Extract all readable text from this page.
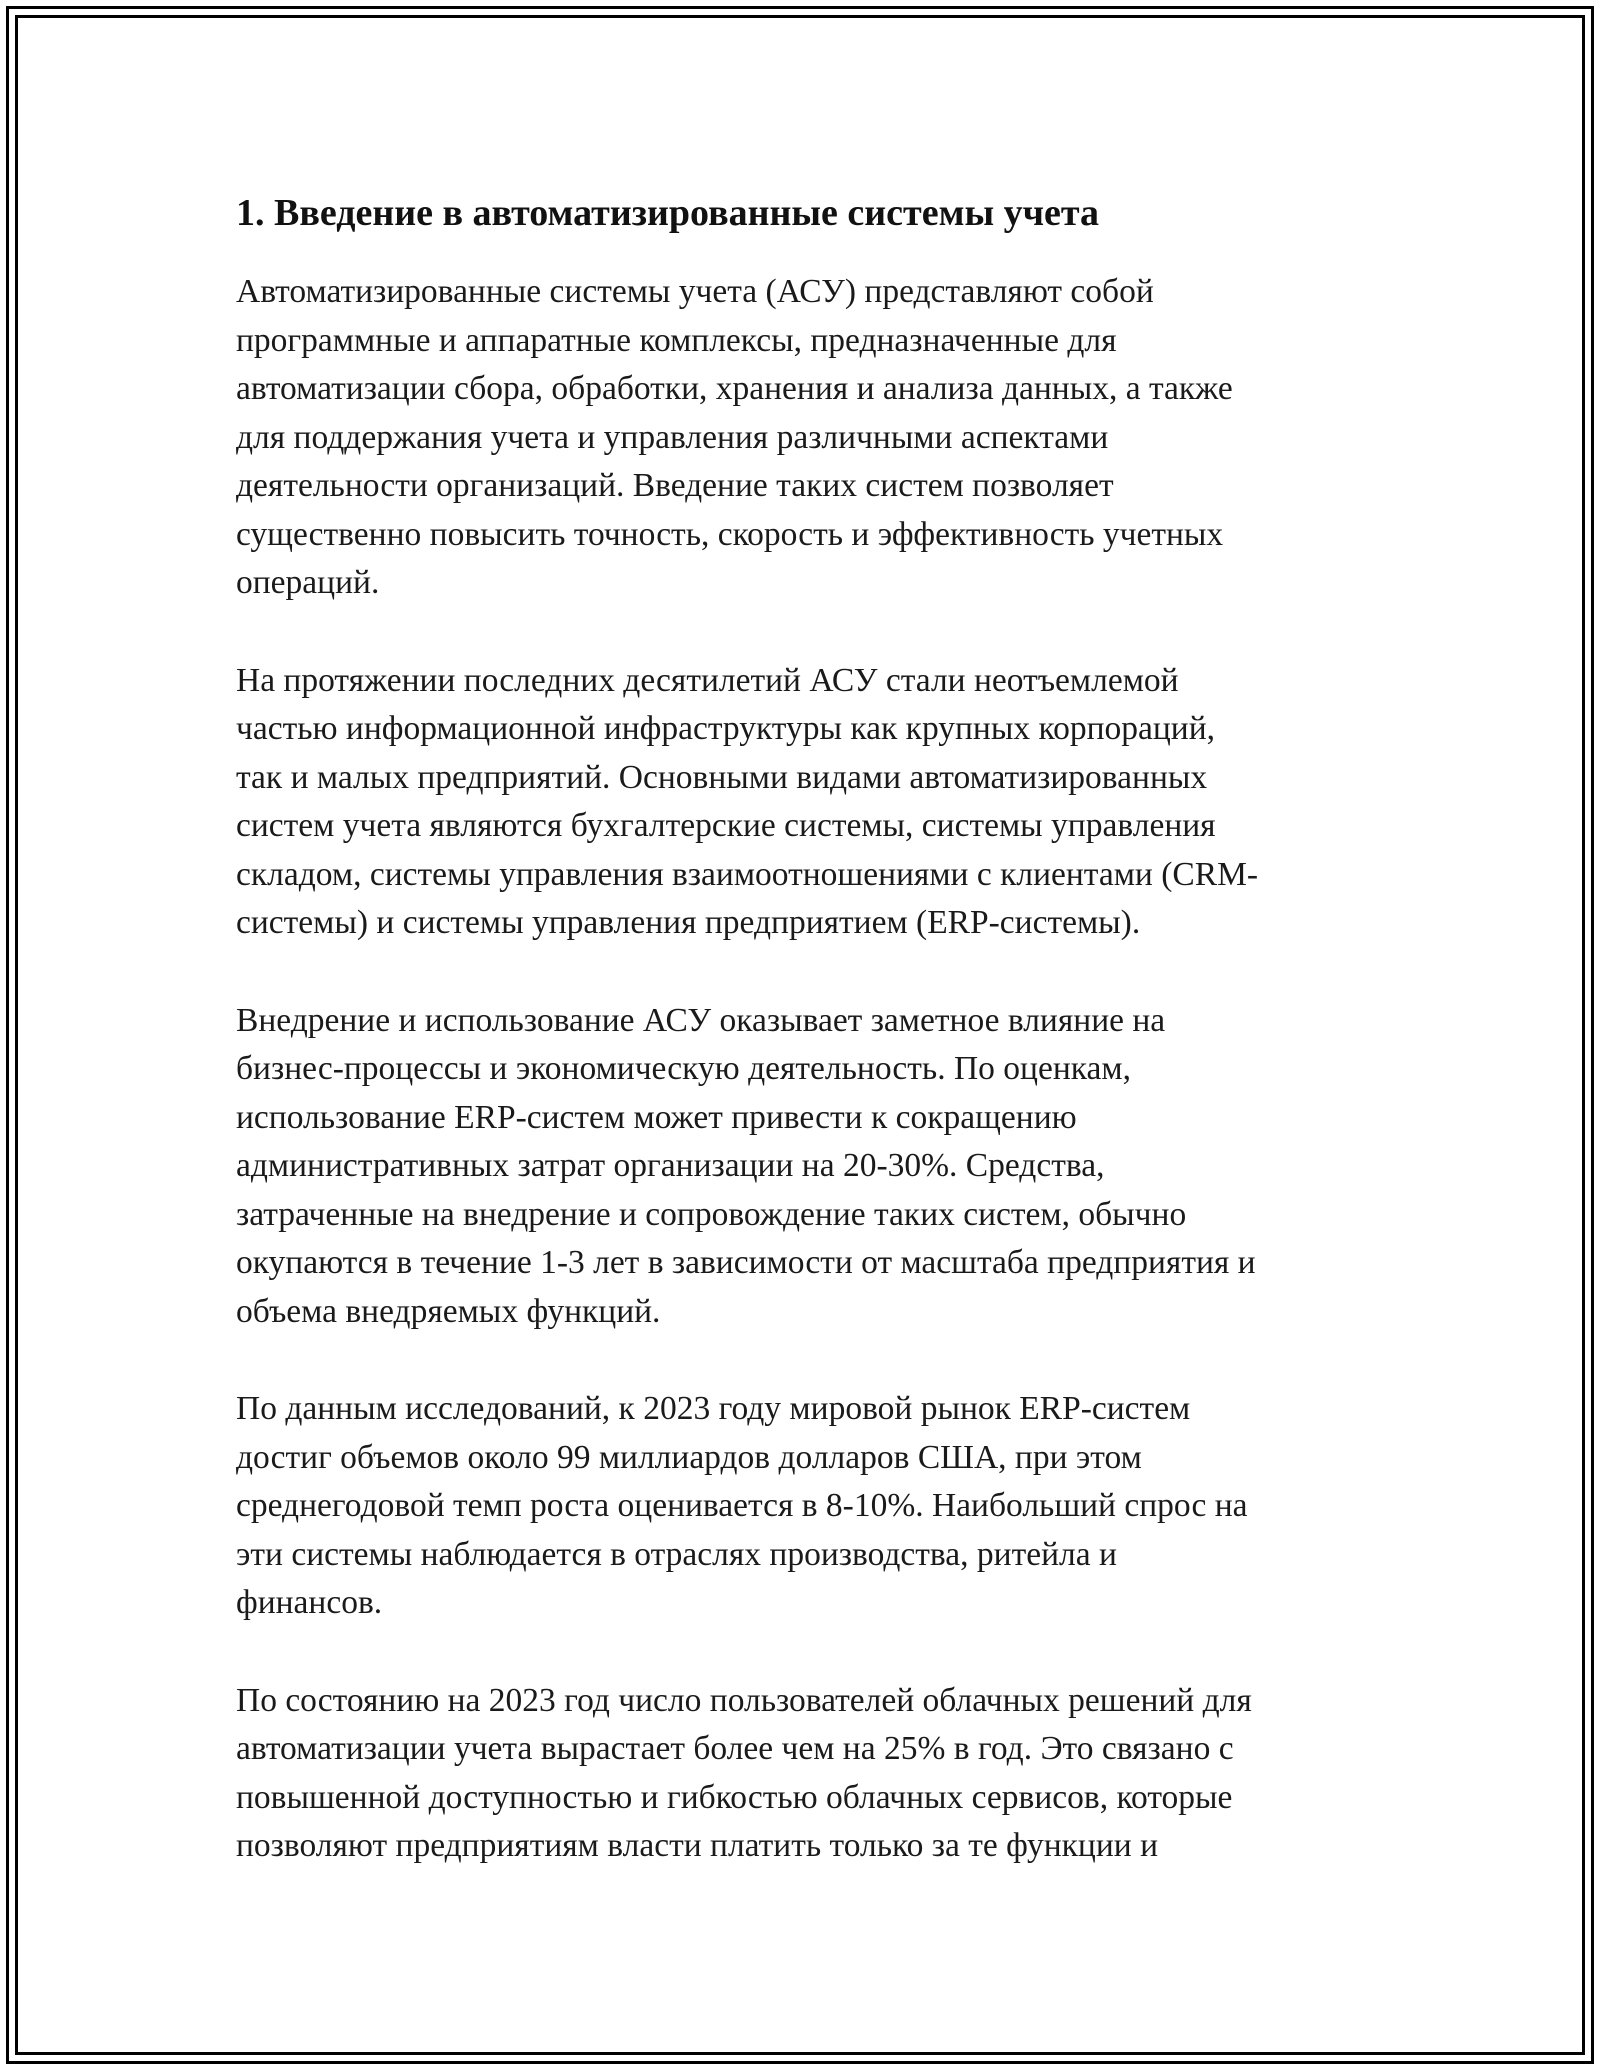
1. Введение в автоматизированные системы учета

Автоматизированные системы учета (АСУ) представляют собой
программные и аппаратные комплексы, предназначенные для
автоматизации сбора, обработки, хранения и анализа данных, а также
для поддержания учета и управления различными аспектами
деятельности организаций. Введение таких систем позволяет
существенно повысить точность, скорость и эффективность учетных
операций.

На протяжении последних десятилетий АСУ стали неотъемлемой
частью информационной инфраструктуры как крупных корпораций,
так и малых предприятий. Основными видами автоматизированных
систем учета являются бухгалтерские системы, системы управления
складом, системы управления взаимоотношениями с клиентами (CRM-
системы) и системы управления предприятием (ERP-системы).

Внедрение и использование АСУ оказывает заметное влияние на
бизнес-процессы и экономическую деятельность. По оценкам,
использование ERP-систем может привести к сокращению
административных затрат организации на 20-30%. Средства,
затраченные на внедрение и сопровождение таких систем, обычно
окупаются в течение 1-3 лет в зависимости от масштаба предприятия и
объема внедряемых функций.

По данным исследований, к 2023 году мировой рынок ERP-систем
достиг объемов около 99 миллиардов долларов США, при этом
среднегодовой темп роста оценивается в 8-10%. Наибольший спрос на
эти системы наблюдается в отраслях производства, ритейла и
финансов.

По состоянию на 2023 год число пользователей облачных решений для
автоматизации учета вырастает более чем на 25% в год. Это связано с
повышенной доступностью и гибкостью облачных сервисов, которые
позволяют предприятиям власти платить только за те функции и
